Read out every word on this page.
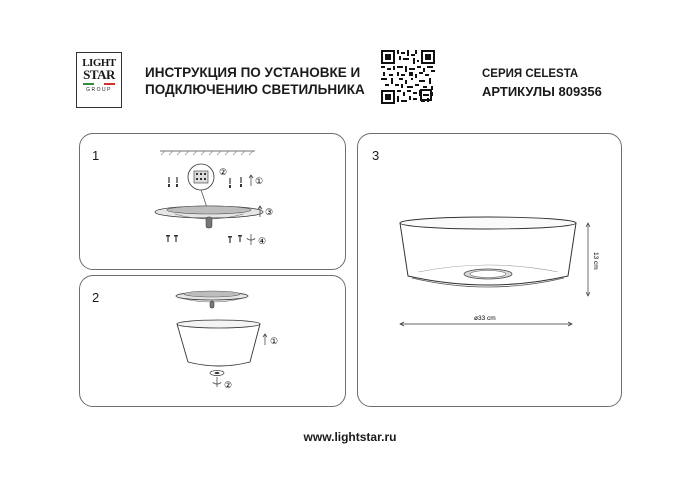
LIGHT
STAR
GROUP
ИНСТРУКЦИЯ ПО УСТАНОВКЕ И
ПОДКЛЮЧЕНИЮ СВЕТИЛЬНИКА
СЕРИЯ CELESTA
АРТИКУЛЫ 809356
1
②
①
③
④
2
①
②
3
13 cm
ø33 cm
www.lightstar.ru
